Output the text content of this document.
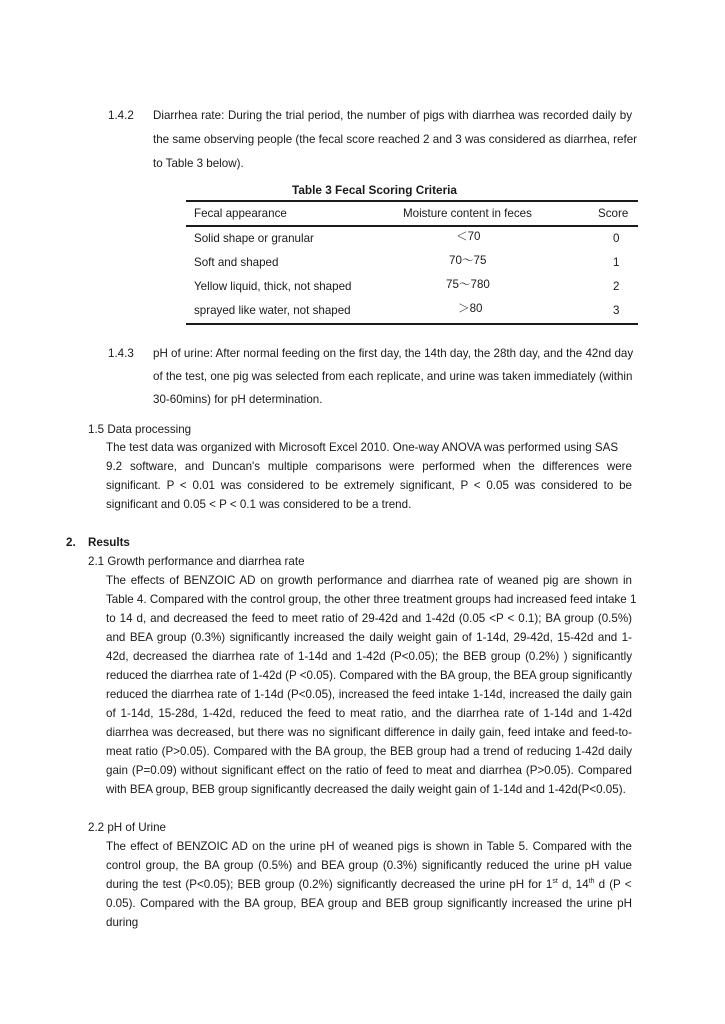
1.4.2 Diarrhea rate: During the trial period, the number of pigs with diarrhea was recorded daily by
the same observing people (the fecal score reached 2 and 3 was considered as diarrhea, refer
to Table 3 below).
Table 3 Fecal Scoring Criteria
Fecal appearance	Moisture content in feces	Score
Solid shape or granular	＜70	0
Soft and shaped	70～75	1
Yellow liquid, thick, not shaped	75～780	2
sprayed like water, not shaped	＞80	3
1.4.3 pH of urine: After normal feeding on the first day, the 14th day, the 28th day, and the 42nd day
of the test, one pig was selected from each replicate, and urine was taken immediately (within
30-60mins) for pH determination.
1.5 Data processing
The test data was organized with Microsoft Excel 2010. One-way ANOVA was performed using SAS
9.2 software, and Duncan's multiple comparisons were performed when the differences were
significant. P < 0.01 was considered to be extremely significant, P < 0.05 was considered to be
significant and 0.05 < P < 0.1 was considered to be a trend.
2. Results
2.1 Growth performance and diarrhea rate
The effects of BENZOIC AD on growth performance and diarrhea rate of weaned pig are shown in
Table 4. Compared with the control group, the other three treatment groups had increased feed intake 1
to 14 d, and decreased the feed to meet ratio of 29-42d and 1-42d (0.05 <P < 0.1); BA group (0.5%)
and BEA group (0.3%) significantly increased the daily weight gain of 1-14d, 29-42d, 15-42d and 1-
42d, decreased the diarrhea rate of 1-14d and 1-42d (P<0.05); the BEB group (0.2%) ) significantly
reduced the diarrhea rate of 1-42d (P <0.05). Compared with the BA group, the BEA group significantly
reduced the diarrhea rate of 1-14d (P<0.05), increased the feed intake 1-14d, increased the daily gain
of 1-14d, 15-28d, 1-42d, reduced the feed to meat ratio, and the diarrhea rate of 1-14d and 1-42d
diarrhea was decreased, but there was no significant difference in daily gain, feed intake and feed-to-
meat ratio (P>0.05). Compared with the BA group, the BEB group had a trend of reducing 1-42d daily
gain (P=0.09) without significant effect on the ratio of feed to meat and diarrhea (P>0.05). Compared
with BEA group, BEB group significantly decreased the daily weight gain of 1-14d and 1-42d(P<0.05).
2.2 pH of Urine
The effect of BENZOIC AD on the urine pH of weaned pigs is shown in Table 5. Compared with the
control group, the BA group (0.5%) and BEA group (0.3%) significantly reduced the urine pH value
during the test (P<0.05); BEB group (0.2%) significantly decreased the urine pH for 1st d, 14th d (P <
0.05). Compared with the BA group, BEA group and BEB group significantly increased the urine pH
during
